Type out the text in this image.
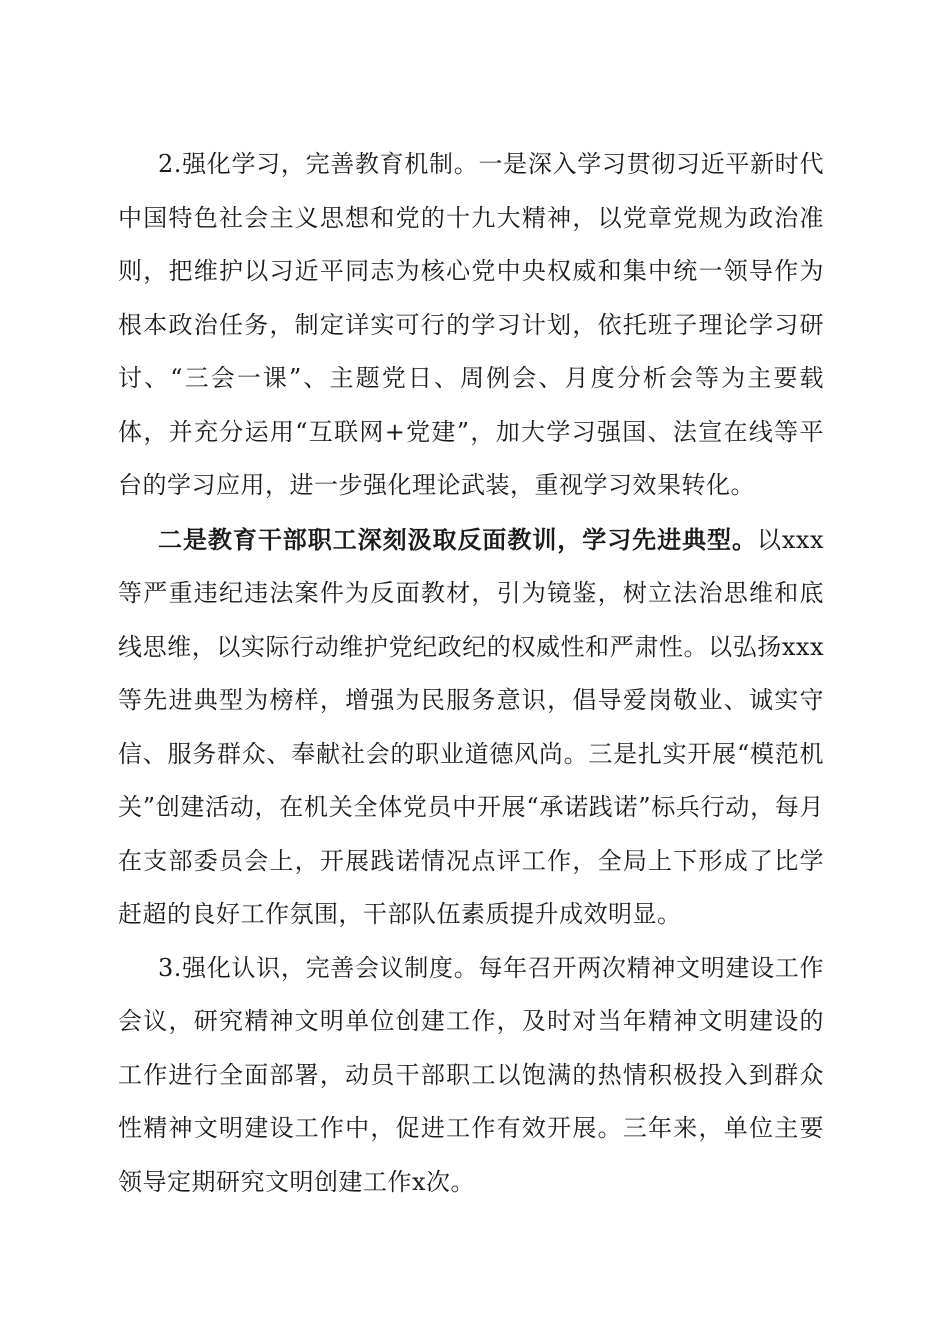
2.强化学习，完善教育机制。一是深入学习贯彻习近平新时代中国特色社会主义思想和党的十九大精神，以党章党规为政治准则，把维护以习近平同志为核心党中央权威和集中统一领导作为根本政治任务，制定详实可行的学习计划，依托班子理论学习研讨、“三会一课”、主题党日、周例会、月度分析会等为主要载体，并充分运用“互联网+党建”，加大学习强国、法宣在线等平台的学习应用，进一步强化理论武装，重视学习效果转化。

二是教育干部职工深刻汲取反面教训，学习先进典型。以xxx等严重违纪违法案件为反面教材，引为镜鉴，树立法治思维和底线思维，以实际行动维护党纪政纪的权威性和严肃性。以弘扬xxx等先进典型为榜样，增强为民服务意识，倡导爱岗敬业、诚实守信、服务群众、奉献社会的职业道德风尚。三是扎实开展“模范机关”创建活动，在机关全体党员中开展“承诺践诺”标兵行动，每月在支部委员会上，开展践诺情况点评工作，全局上下形成了比学赶超的良好工作氛围，干部队伍素质提升成效明显。

3.强化认识，完善会议制度。每年召开两次精神文明建设工作会议，研究精神文明单位创建工作，及时对当年精神文明建设的工作进行全面部署，动员干部职工以饱满的热情积极投入到群众性精神文明建设工作中，促进工作有效开展。三年来，单位主要领导定期研究文明创建工作x次。
